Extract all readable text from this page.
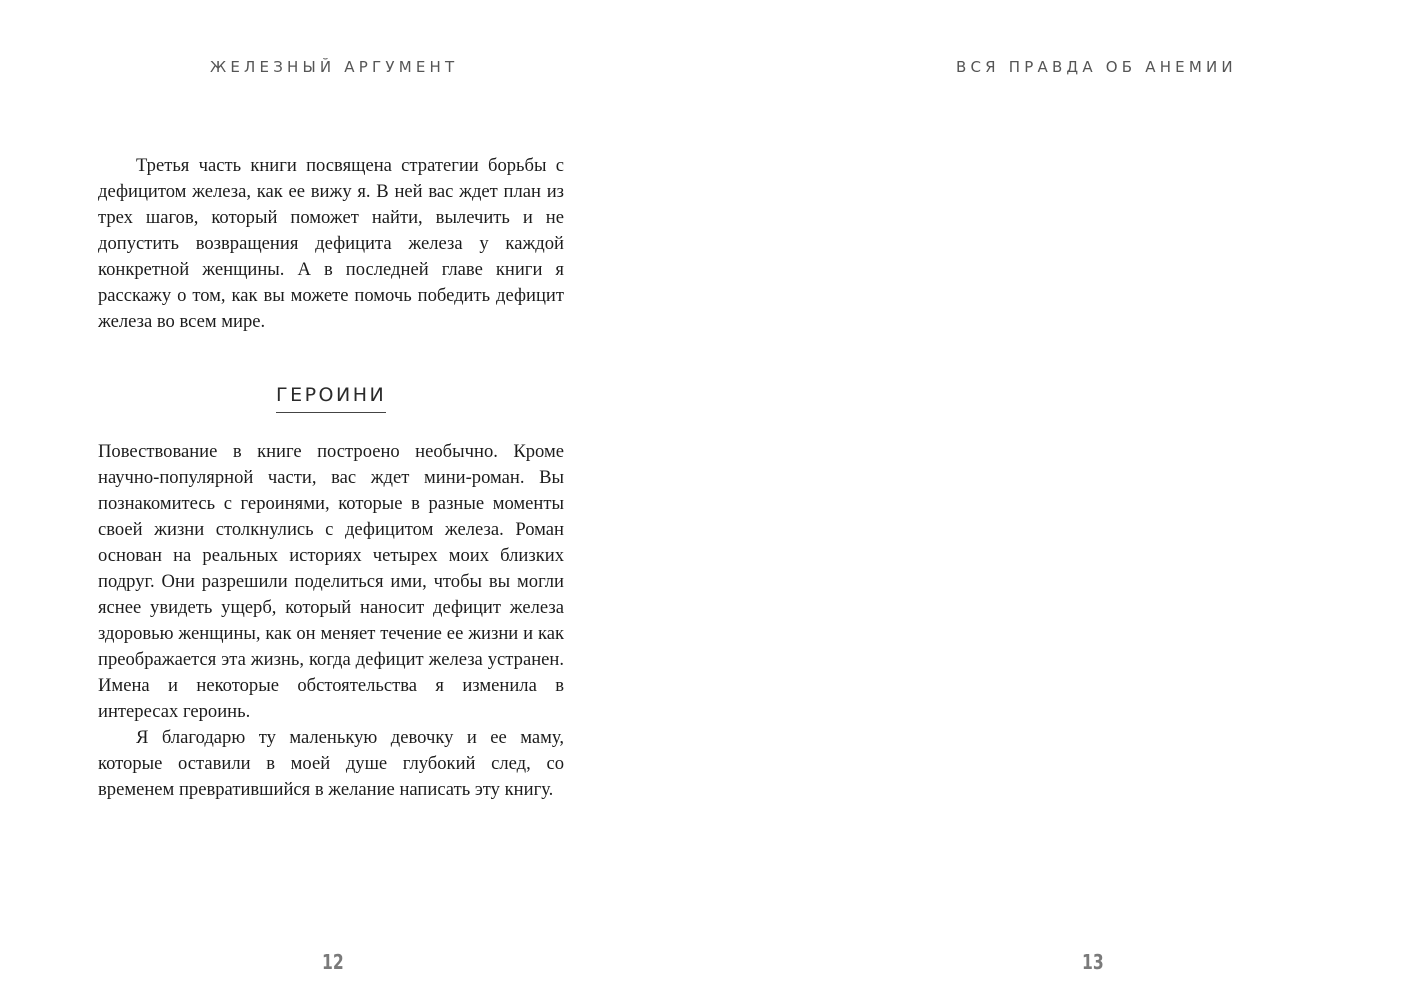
ЖЕЛЕЗНЫЙ АРГУМЕНТ

Третья часть книги посвящена стратегии борьбы с дефицитом железа, как ее вижу я. В ней вас ждет план из трех шагов, который поможет найти, вылечить и не допустить возвращения дефицита железа у каждой конкретной женщины. А в последней главе книги я расскажу о том, как вы можете помочь победить дефицит железа во всем мире.

ГЕРОИНИ

Повествование в книге построено необычно. Кроме научно-популярной части, вас ждет мини-роман. Вы познакомитесь с героинями, которые в разные моменты своей жизни столкнулись с дефицитом железа. Роман основан на реальных историях четырех моих близких подруг. Они разрешили поделиться ими, чтобы вы могли яснее увидеть ущерб, который наносит дефицит железа здоровью женщины, как он меняет течение ее жизни и как преображается эта жизнь, когда дефицит железа устранен. Имена и некоторые обстоятельства я изменила в интересах героинь.

Я благодарю ту маленькую девочку и ее маму, которые оставили в моей душе глубокий след, со временем превратившийся в желание написать эту книгу.

12
ВСЯ ПРАВДА ОБ АНЕМИИ
13
